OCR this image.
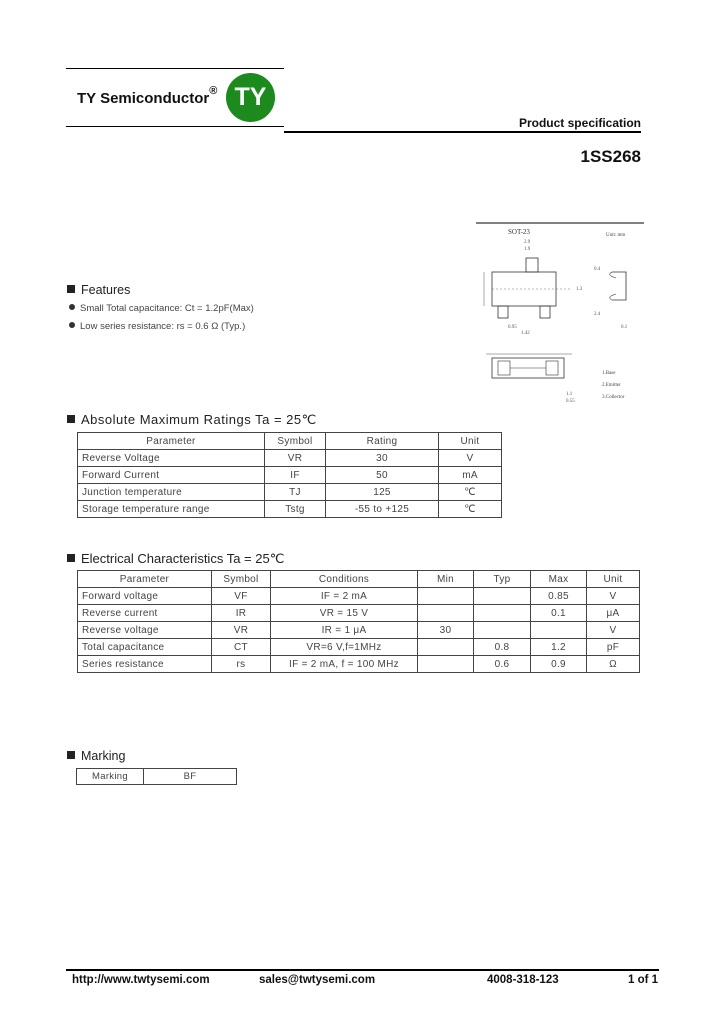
TY Semiconductor® TY
Product specification
1SS268
SOT-23	Unit: mm
2.9
1.9
0.95
1.42
0.4
1.3
2.4
0.1
1.1
0.55
1.Base
2.Emitter
3.Collector
Features
Small Total capacitance: Ct = 1.2pF(Max)
Low series resistance: rs = 0.6 Ω (Typ.)
Absolute Maximum Ratings Ta = 25℃
Parameter	Symbol	Rating	Unit
Reverse Voltage	VR	30	V
Forward Current	IF	50	mA
Junction temperature	TJ	125	℃
Storage temperature range	Tstg	-55 to +125	℃
Electrical Characteristics Ta = 25℃
Parameter	Symbol	Conditions	Min	Typ	Max	Unit
Forward voltage	VF	IF = 2 mA			0.85	V
Reverse current	IR	VR = 15 V			0.1	μA
Reverse voltage	VR	IR = 1 μA	30			V
Total capacitance	CT	VR=6 V,f=1MHz		0.8	1.2	pF
Series resistance	rs	IF = 2 mA, f = 100 MHz		0.6	0.9	Ω
Marking
Marking	BF
http://www.twtysemi.com	sales@twtysemi.com	4008-318-123	1 of 1
